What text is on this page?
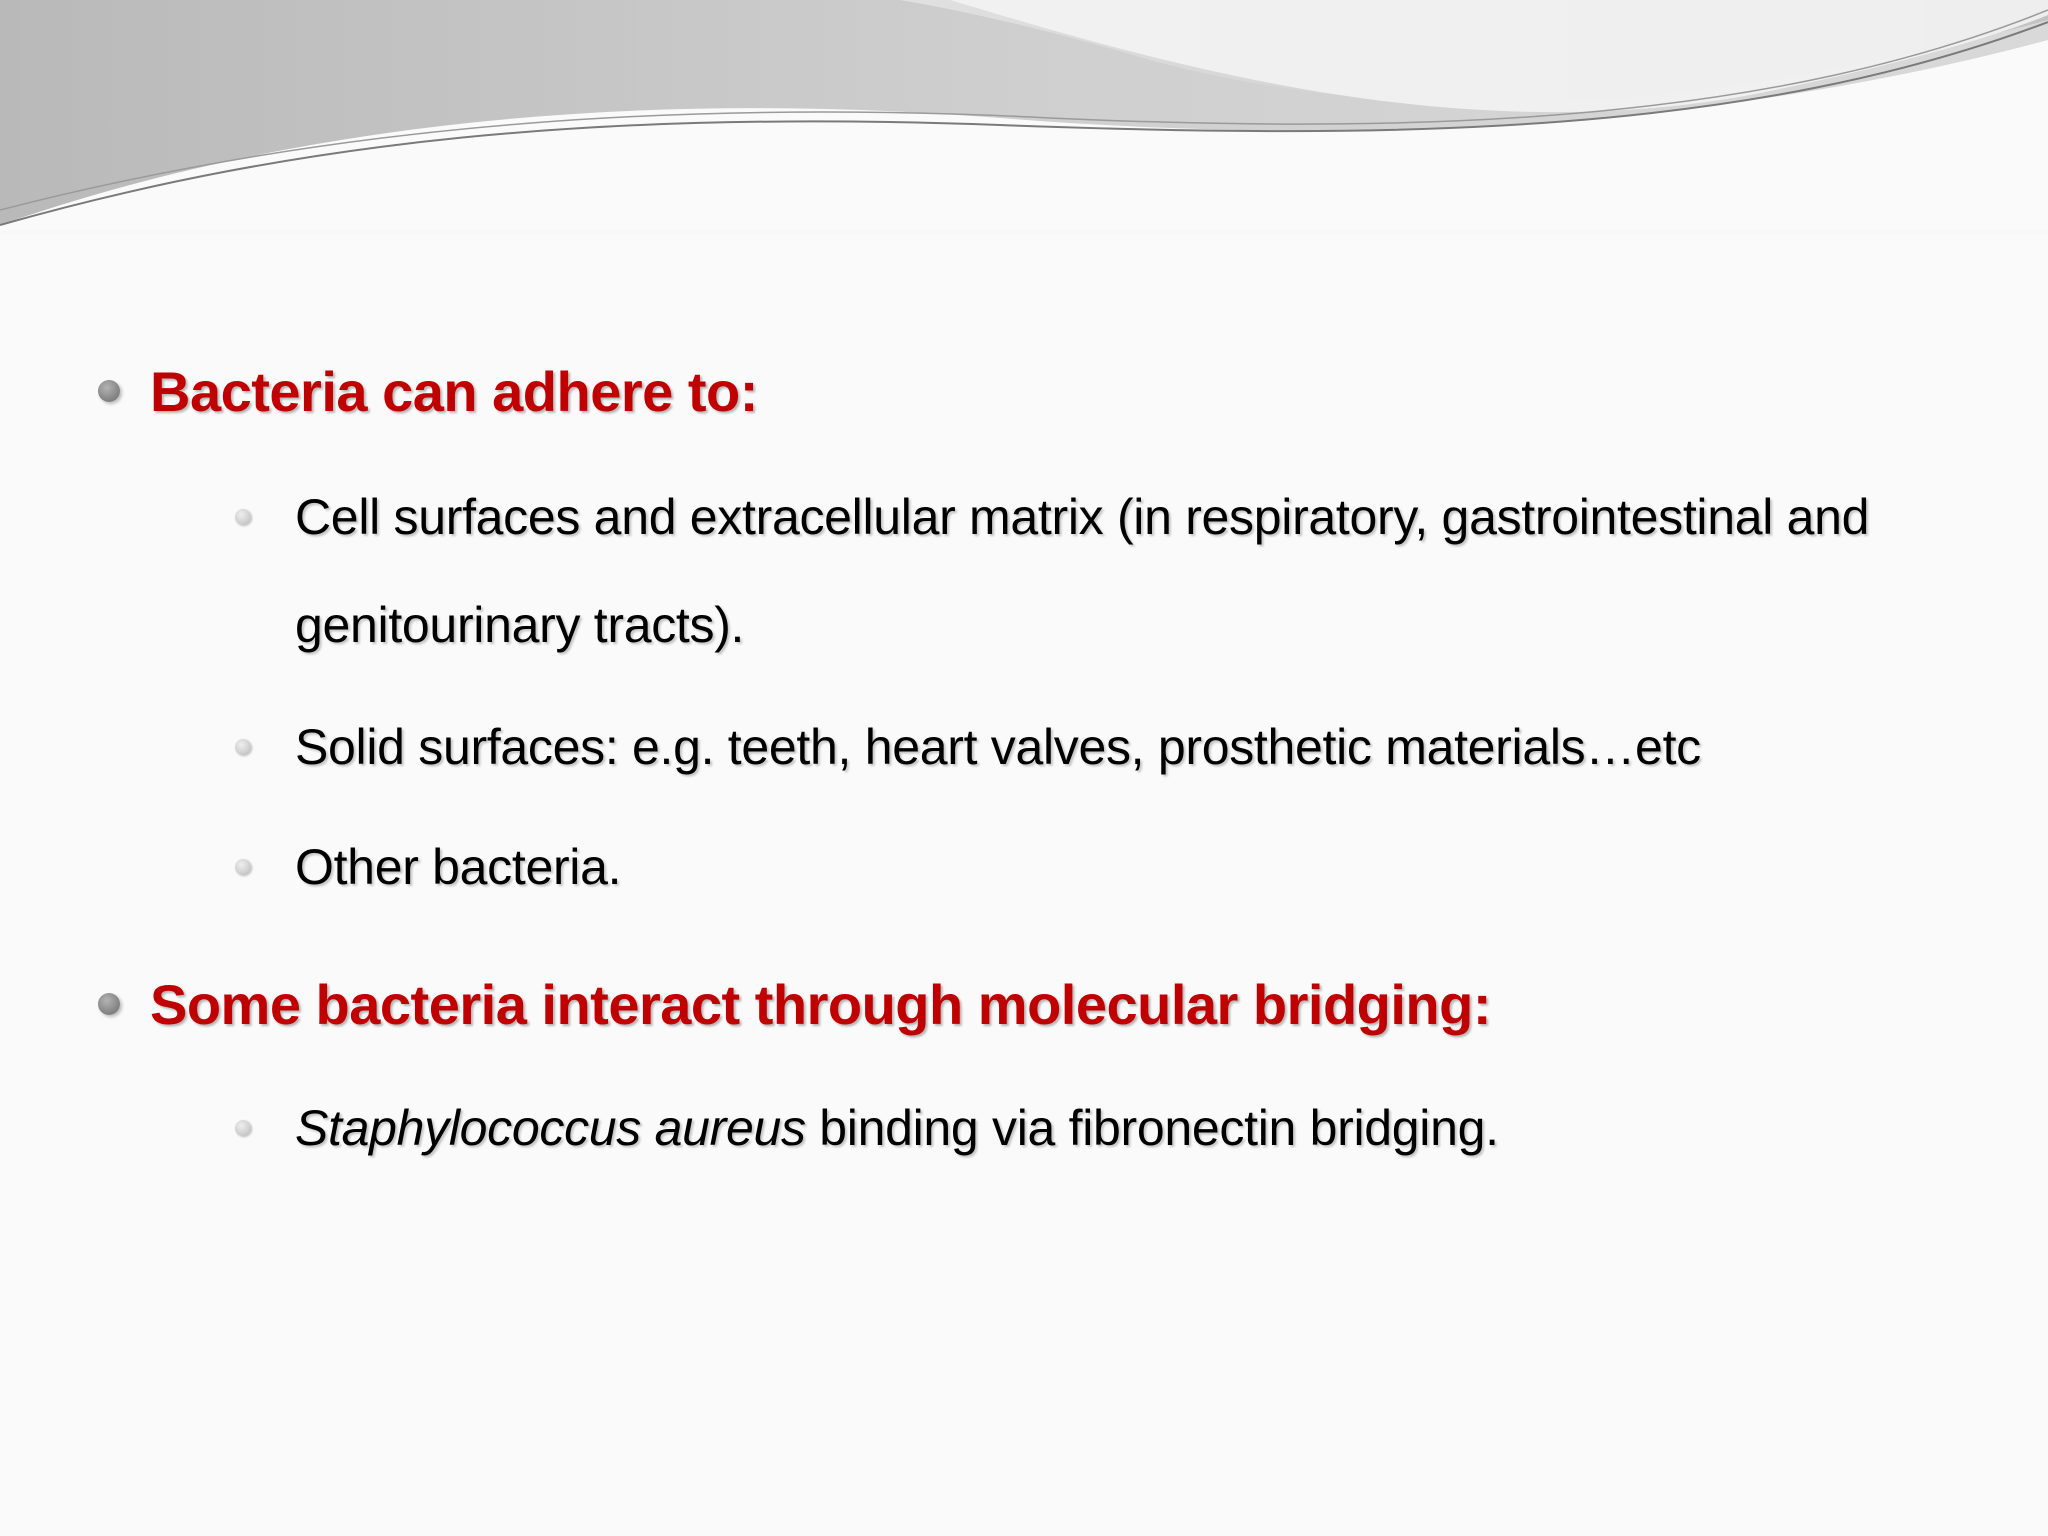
Bacteria can adhere to:
Cell surfaces and extracellular matrix (in respiratory, gastrointestinal and genitourinary tracts).
Solid surfaces: e.g. teeth, heart valves, prosthetic materials…etc
Other bacteria.
Some bacteria interact through molecular bridging:
Staphylococcus aureus binding via fibronectin bridging.
